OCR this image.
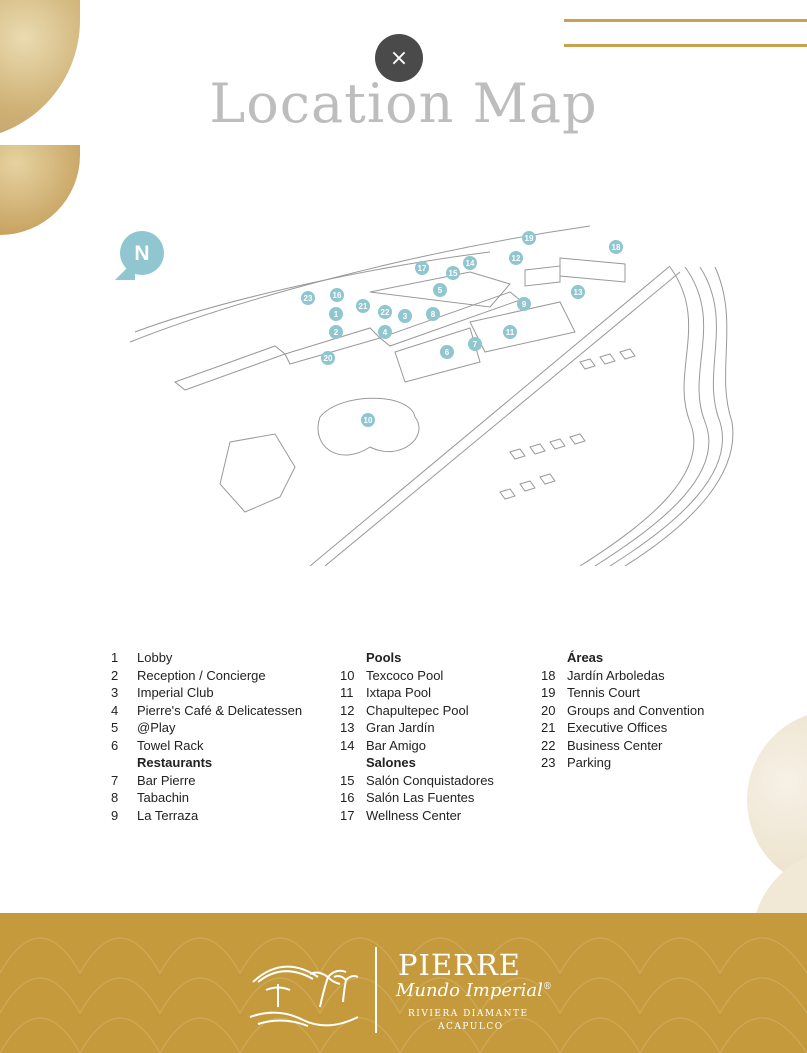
×
Location Map
N
1
2
3
4
5
6
7
8
9
10
11
12
13
14
15
16
17
18
19
20
21
22
23
1 Lobby
2 Reception / Concierge
3 Imperial Club
4 Pierre's Café & Delicatessen
5 @Play
6 Towel Rack
Restaurants
7 Bar Pierre
8 Tabachin
9 La Terraza
Pools
10 Texcoco Pool
11 Ixtapa Pool
12 Chapultepec Pool
13 Gran Jardín
14 Bar Amigo
Salones
15 Salón Conquistadores
16 Salón Las Fuentes
17 Wellness Center
Áreas
18 Jardín Arboledas
19 Tennis Court
20 Groups and Convention
21 Executive Offices
22 Business Center
23 Parking
PIERRE
Mundo Imperial®
RIVIERA DIAMANTE
ACAPULCO
